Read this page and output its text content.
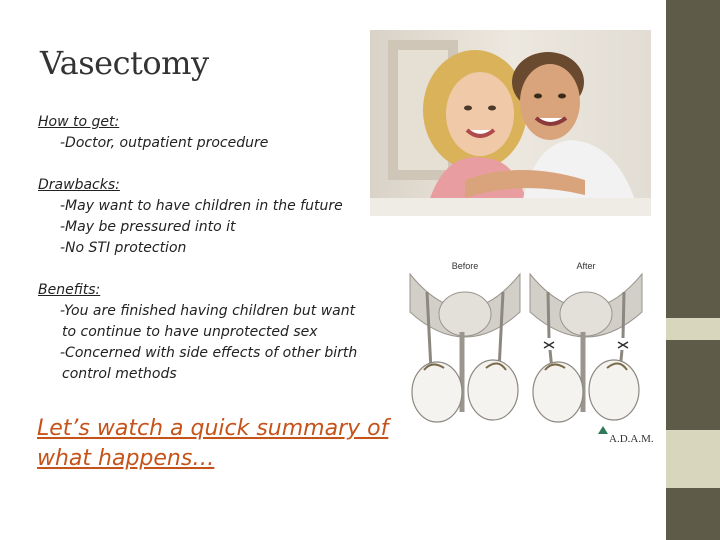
Vasectomy
How to get:
-Doctor, outpatient procedure
Drawbacks:
-May want to have children in the future
-May be pressured into it
-No STI protection
Benefits:
-You are finished having children but want
to continue to have unprotected sex
-Concerned with side effects of other birth
control methods
Let’s watch a quick summary of
what happens…
Before	After
A.D.A.M.
